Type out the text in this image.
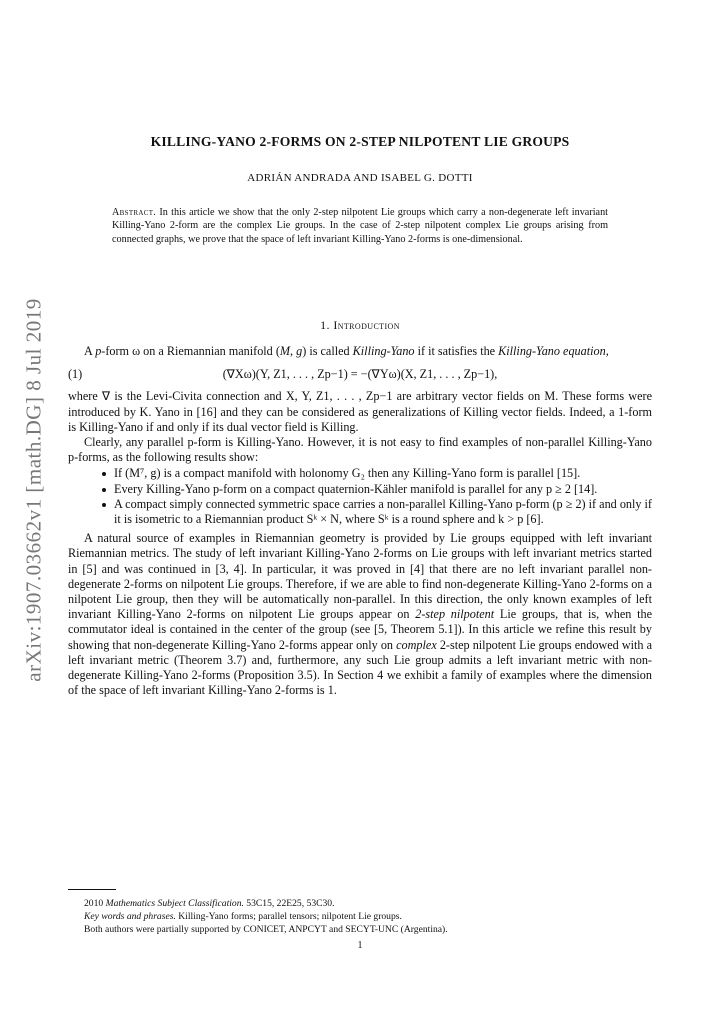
arXiv:1907.03662v1 [math.DG] 8 Jul 2019
KILLING-YANO 2-FORMS ON 2-STEP NILPOTENT LIE GROUPS
ADRIÁN ANDRADA AND ISABEL G. DOTTI
Abstract. In this article we show that the only 2-step nilpotent Lie groups which carry a non-degenerate left invariant Killing-Yano 2-form are the complex Lie groups. In the case of 2-step nilpotent complex Lie groups arising from connected graphs, we prove that the space of left invariant Killing-Yano 2-forms is one-dimensional.
1. Introduction

A p-form ω on a Riemannian manifold (M, g) is called Killing-Yano if it satisfies the Killing-Yano equation,

(1)	(∇Xω)(Y, Z1, . . . , Zp−1) = −(∇Yω)(X, Z1, . . . , Zp−1),

where ∇ is the Levi-Civita connection and X, Y, Z1, . . . , Zp−1 are arbitrary vector fields on M. These forms were introduced by K. Yano in [16] and they can be considered as generalizations of Killing vector fields. Indeed, a 1-form is Killing-Yano if and only if its dual vector field is Killing.

Clearly, any parallel p-form is Killing-Yano. However, it is not easy to find examples of non-parallel Killing-Yano p-forms, as the following results show:

If (M⁷, g) is a compact manifold with holonomy G₂ then any Killing-Yano form is parallel [15].
Every Killing-Yano p-form on a compact quaternion-Kähler manifold is parallel for any p ≥ 2 [14].
A compact simply connected symmetric space carries a non-parallel Killing-Yano p-form (p ≥ 2) if and only if it is isometric to a Riemannian product Sᵏ × N, where Sᵏ is a round sphere and k > p [6].

A natural source of examples in Riemannian geometry is provided by Lie groups equipped with left invariant Riemannian metrics. The study of left invariant Killing-Yano 2-forms on Lie groups with left invariant metrics started in [5] and was continued in [3, 4]. In particular, it was proved in [4] that there are no left invariant parallel non-degenerate 2-forms on nilpotent Lie groups. Therefore, if we are able to find non-degenerate Killing-Yano 2-forms on a nilpotent Lie group, then they will be automatically non-parallel. In this direction, the only known examples of left invariant Killing-Yano 2-forms on nilpotent Lie groups appear on 2-step nilpotent Lie groups, that is, when the commutator ideal is contained in the center of the group (see [5, Theorem 5.1]). In this article we refine this result by showing that non-degenerate Killing-Yano 2-forms appear only on complex 2-step nilpotent Lie groups endowed with a left invariant metric (Theorem 3.7) and, furthermore, any such Lie group admits a left invariant metric with non-degenerate Killing-Yano 2-forms (Proposition 3.5). In Section 4 we exhibit a family of examples where the dimension of the space of left invariant Killing-Yano 2-forms is 1.

2010 Mathematics Subject Classification. 53C15, 22E25, 53C30.
Key words and phrases. Killing-Yano forms; parallel tensors; nilpotent Lie groups.
Both authors were partially supported by CONICET, ANPCYT and SECYT-UNC (Argentina).
1
